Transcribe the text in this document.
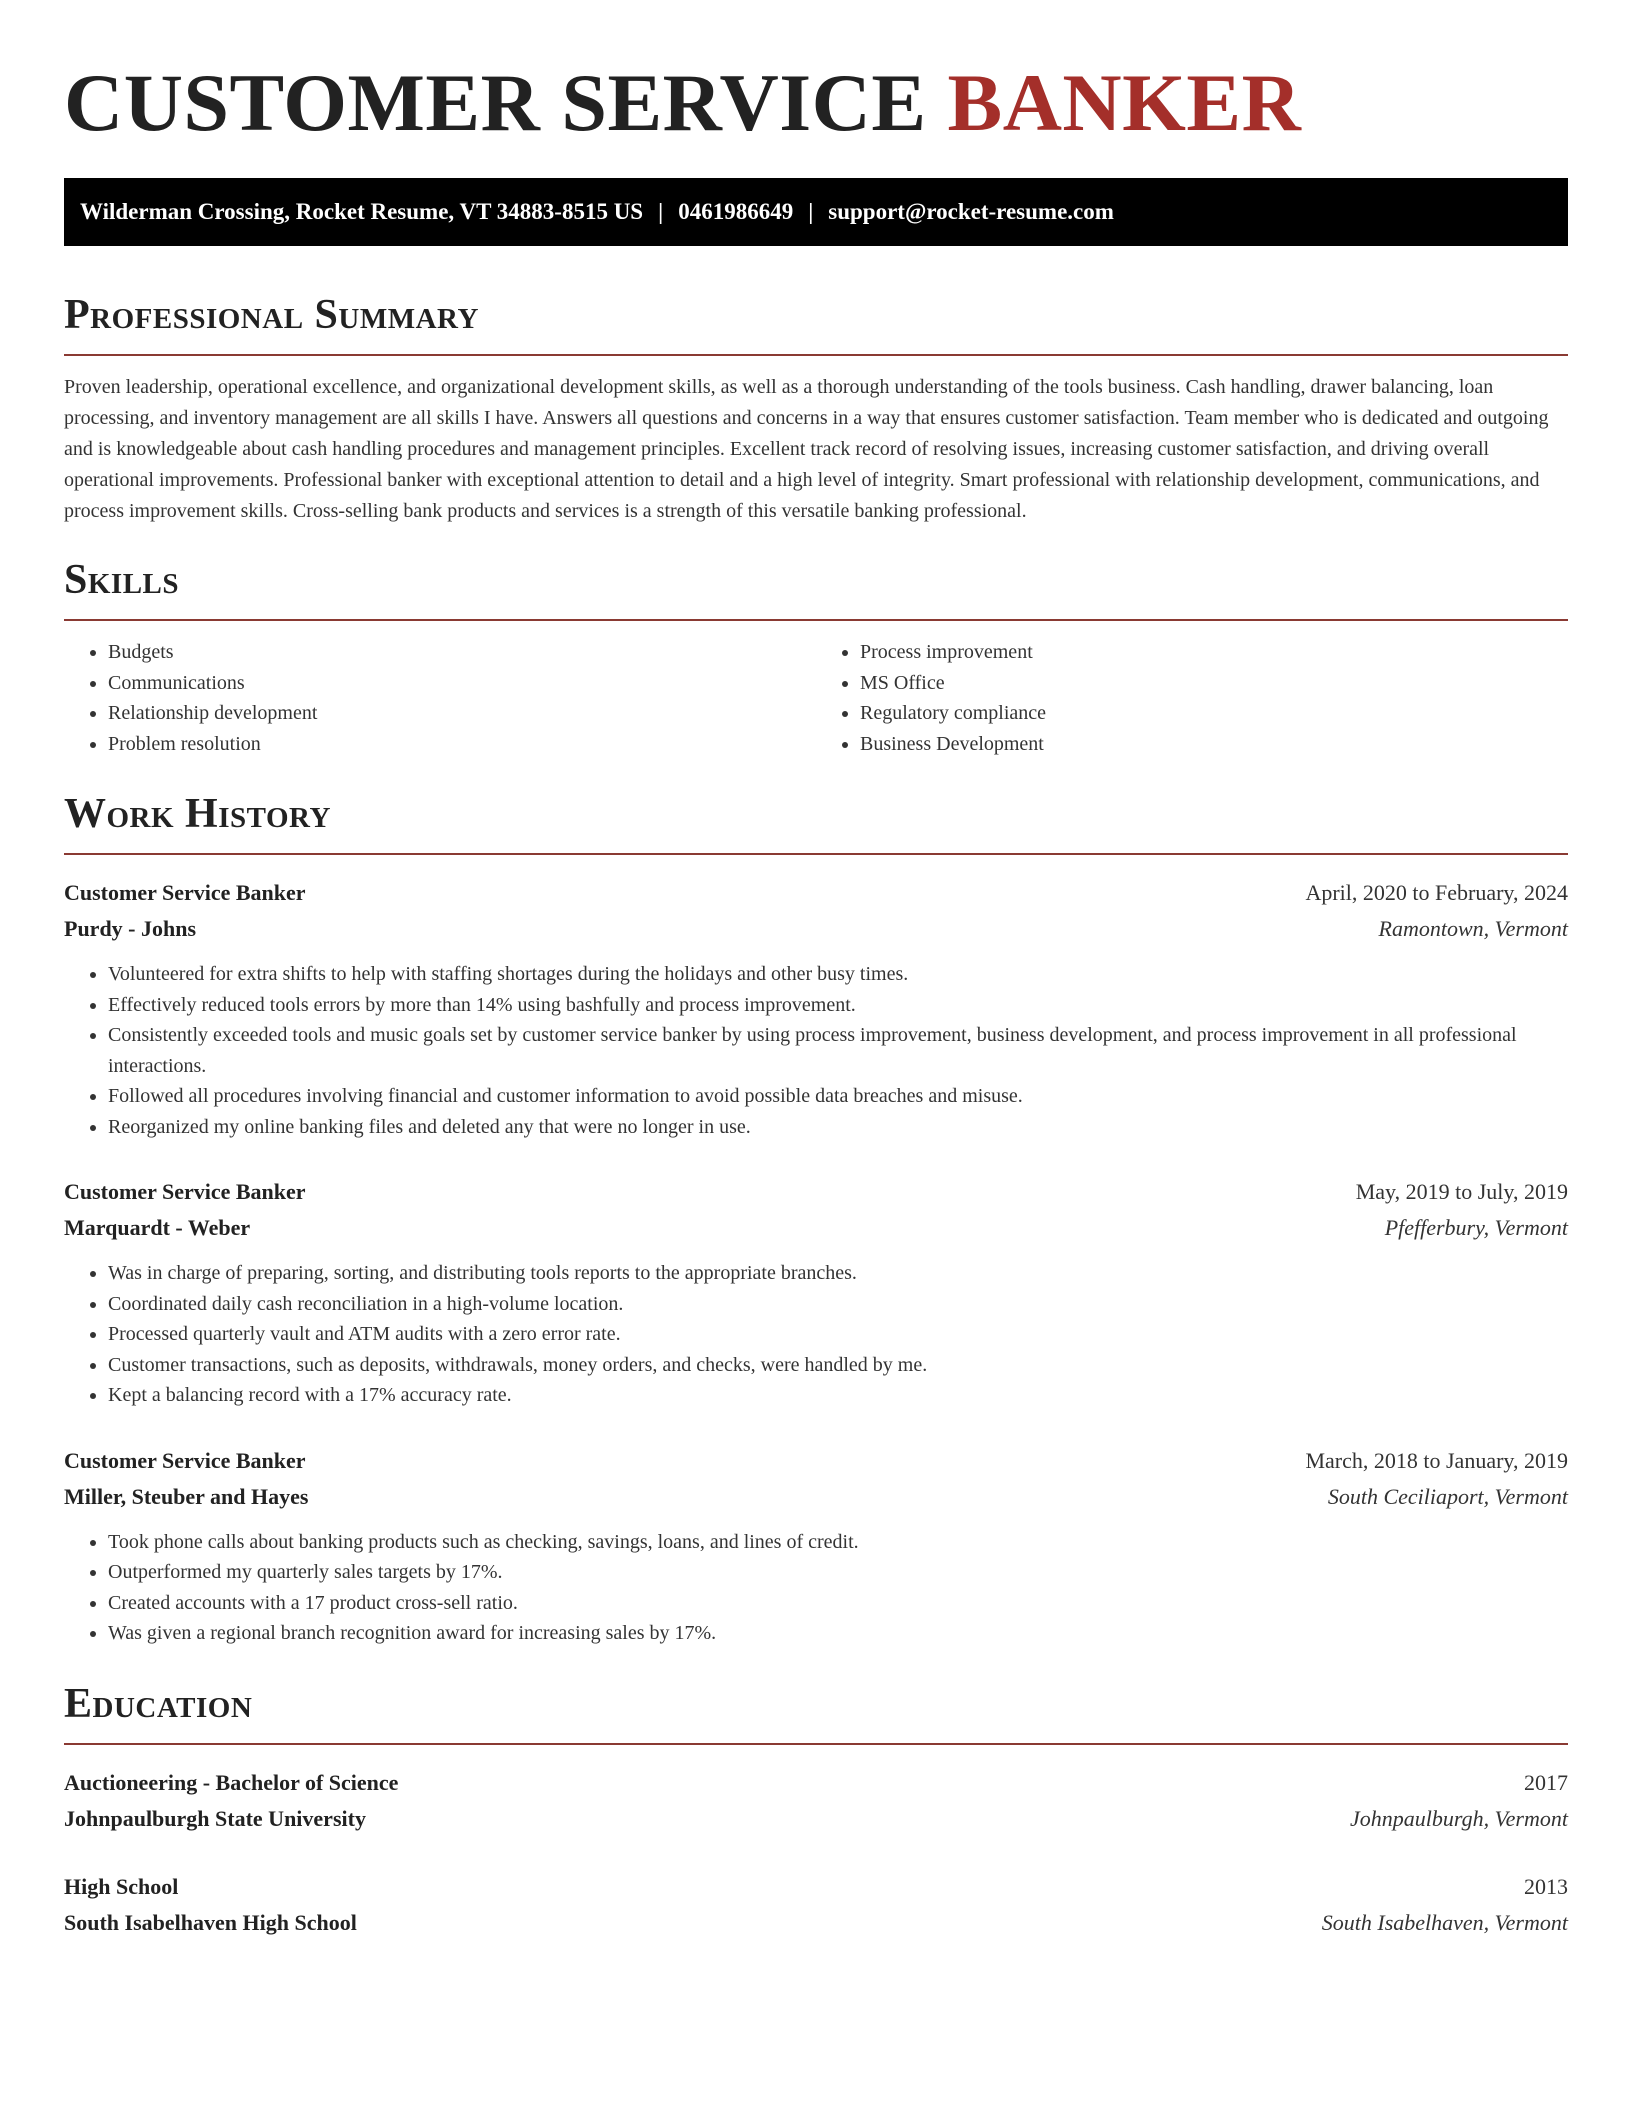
CUSTOMER SERVICE BANKER
Wilderman Crossing, Rocket Resume, VT 34883-8515 US | 0461986649 | support@rocket-resume.com
Professional Summary

Proven leadership, operational excellence, and organizational development skills, as well as a thorough understanding of the tools business. Cash handling, drawer balancing, loan processing, and inventory management are all skills I have. Answers all questions and concerns in a way that ensures customer satisfaction. Team member who is dedicated and outgoing and is knowledgeable about cash handling procedures and management principles. Excellent track record of resolving issues, increasing customer satisfaction, and driving overall operational improvements. Professional banker with exceptional attention to detail and a high level of integrity. Smart professional with relationship development, communications, and process improvement skills. Cross-selling bank products and services is a strength of this versatile banking professional.

Skills
• Budgets
• Communications
• Relationship development
• Problem resolution
• Process improvement
• MS Office
• Regulatory compliance
• Business Development
Work History
Customer Service Banker	April, 2020 to February, 2024
Purdy - Johns	Ramontown, Vermont
• Volunteered for extra shifts to help with staffing shortages during the holidays and other busy times.
• Effectively reduced tools errors by more than 14% using bashfully and process improvement.
• Consistently exceeded tools and music goals set by customer service banker by using process improvement, business development, and process improvement in all professional interactions.
• Followed all procedures involving financial and customer information to avoid possible data breaches and misuse.
• Reorganized my online banking files and deleted any that were no longer in use.
Customer Service Banker	May, 2019 to July, 2019
Marquardt - Weber	Pfefferbury, Vermont
• Was in charge of preparing, sorting, and distributing tools reports to the appropriate branches.
• Coordinated daily cash reconciliation in a high-volume location.
• Processed quarterly vault and ATM audits with a zero error rate.
• Customer transactions, such as deposits, withdrawals, money orders, and checks, were handled by me.
• Kept a balancing record with a 17% accuracy rate.
Customer Service Banker	March, 2018 to January, 2019
Miller, Steuber and Hayes	South Ceciliaport, Vermont
• Took phone calls about banking products such as checking, savings, loans, and lines of credit.
• Outperformed my quarterly sales targets by 17%.
• Created accounts with a 17 product cross-sell ratio.
• Was given a regional branch recognition award for increasing sales by 17%.
Education
Auctioneering - Bachelor of Science	2017
Johnpaulburgh State University	Johnpaulburgh, Vermont
High School	2013
South Isabelhaven High School	South Isabelhaven, Vermont
